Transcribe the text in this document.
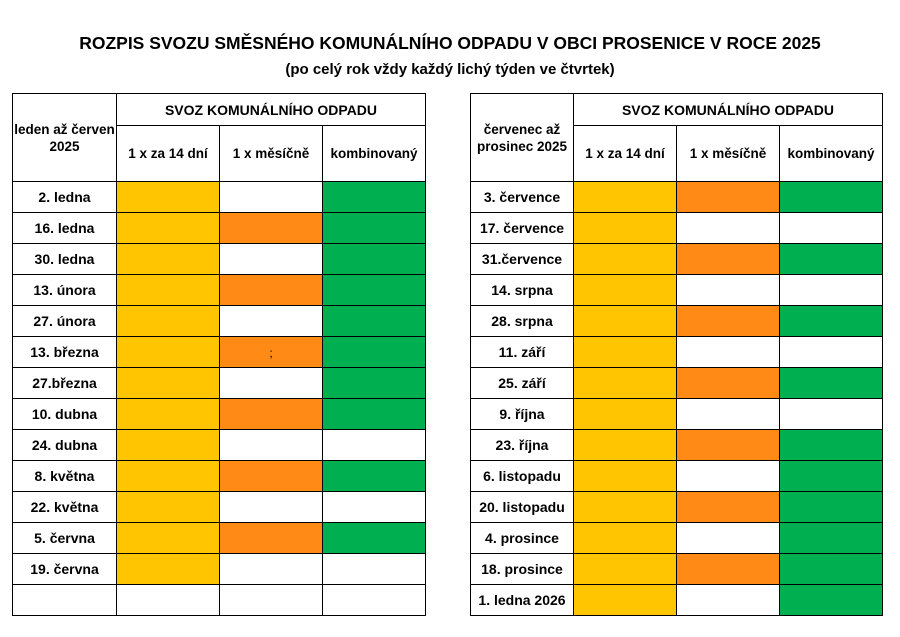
ROZPIS SVOZU SMĚSNÉHO KOMUNÁLNÍHO ODPADU V OBCI PROSENICE V ROCE 2025
(po celý rok vždy každý lichý týden ve čtvrtek)
leden až červen 2025	SVOZ KOMUNÁLNÍHO ODPADU		
	1 x za 14 dní	1 x měsíčně	kombinovaný
2. ledna			
16. ledna			
30. ledna			
13. února			
27. února			
13. března		;	
27.března			
10. dubna			
24. dubna			
8. května			
22. května			
5. června			
19. června			

červenec až prosinec 2025	SVOZ KOMUNÁLNÍHO ODPADU		
	1 x za 14 dní	1 x měsíčně	kombinovaný
3. července			
17. července			
31.července			
14. srpna			
28. srpna			
11. září			
25. září			
9. října			
23. října			
6. listopadu			
20. listopadu			
4. prosince			
18. prosince			
1. ledna 2026			
